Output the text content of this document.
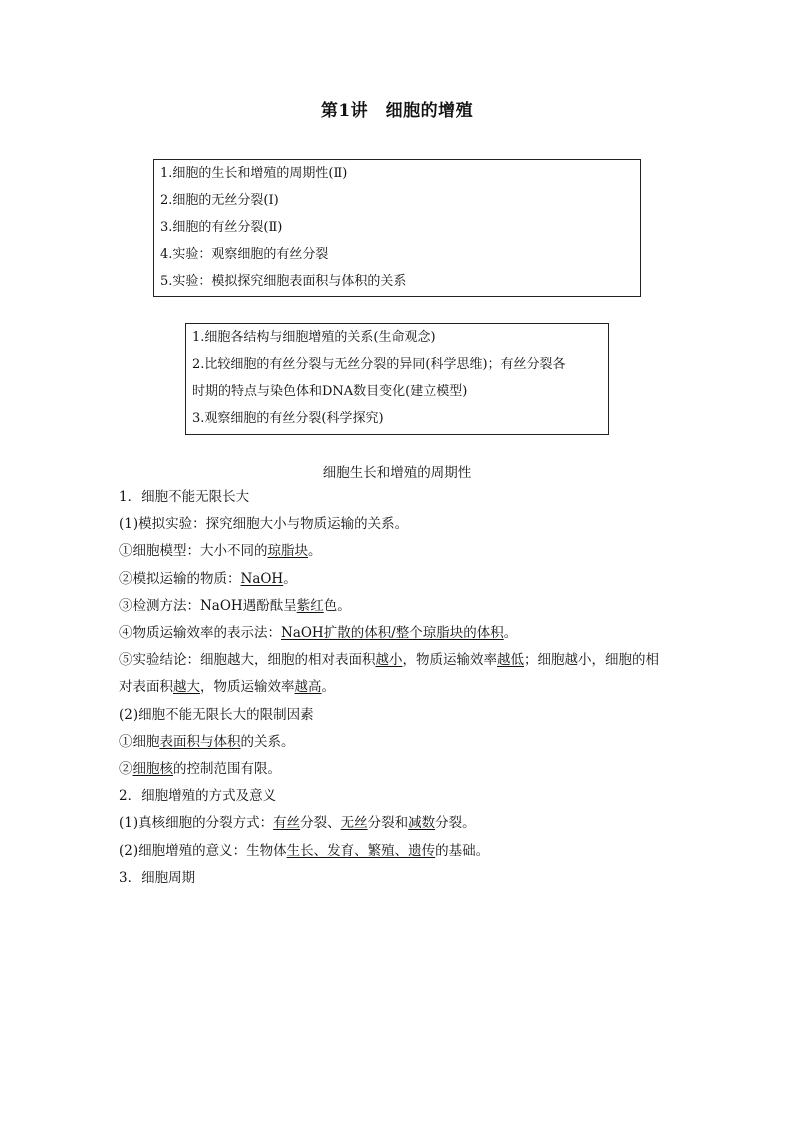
第1讲　细胞的增殖
1.细胞的生长和增殖的周期性(Ⅱ)
2.细胞的无丝分裂(Ⅰ)
3.细胞的有丝分裂(Ⅱ)
4.实验：观察细胞的有丝分裂
5.实验：模拟探究细胞表面积与体积的关系
1.细胞各结构与细胞增殖的关系(生命观念)
2.比较细胞的有丝分裂与无丝分裂的异同(科学思维)；有丝分裂各
时期的特点与染色体和DNA数目变化(建立模型)
3.观察细胞的有丝分裂(科学探究)
细胞生长和增殖的周期性
1．细胞不能无限长大
(1)模拟实验：探究细胞大小与物质运输的关系。
①细胞模型：大小不同的琼脂块。
②模拟运输的物质：NaOH。
③检测方法：NaOH遇酚酞呈紫红色。
④物质运输效率的表示法：NaOH扩散的体积/整个琼脂块的体积。
⑤实验结论：细胞越大，细胞的相对表面积越小，物质运输效率越低；细胞越小，细胞的相
对表面积越大，物质运输效率越高。
(2)细胞不能无限长大的限制因素
①细胞表面积与体积的关系。
②细胞核的控制范围有限。
2．细胞增殖的方式及意义
(1)真核细胞的分裂方式：有丝分裂、无丝分裂和减数分裂。
(2)细胞增殖的意义：生物体生长、发育、繁殖、遗传的基础。
3．细胞周期
